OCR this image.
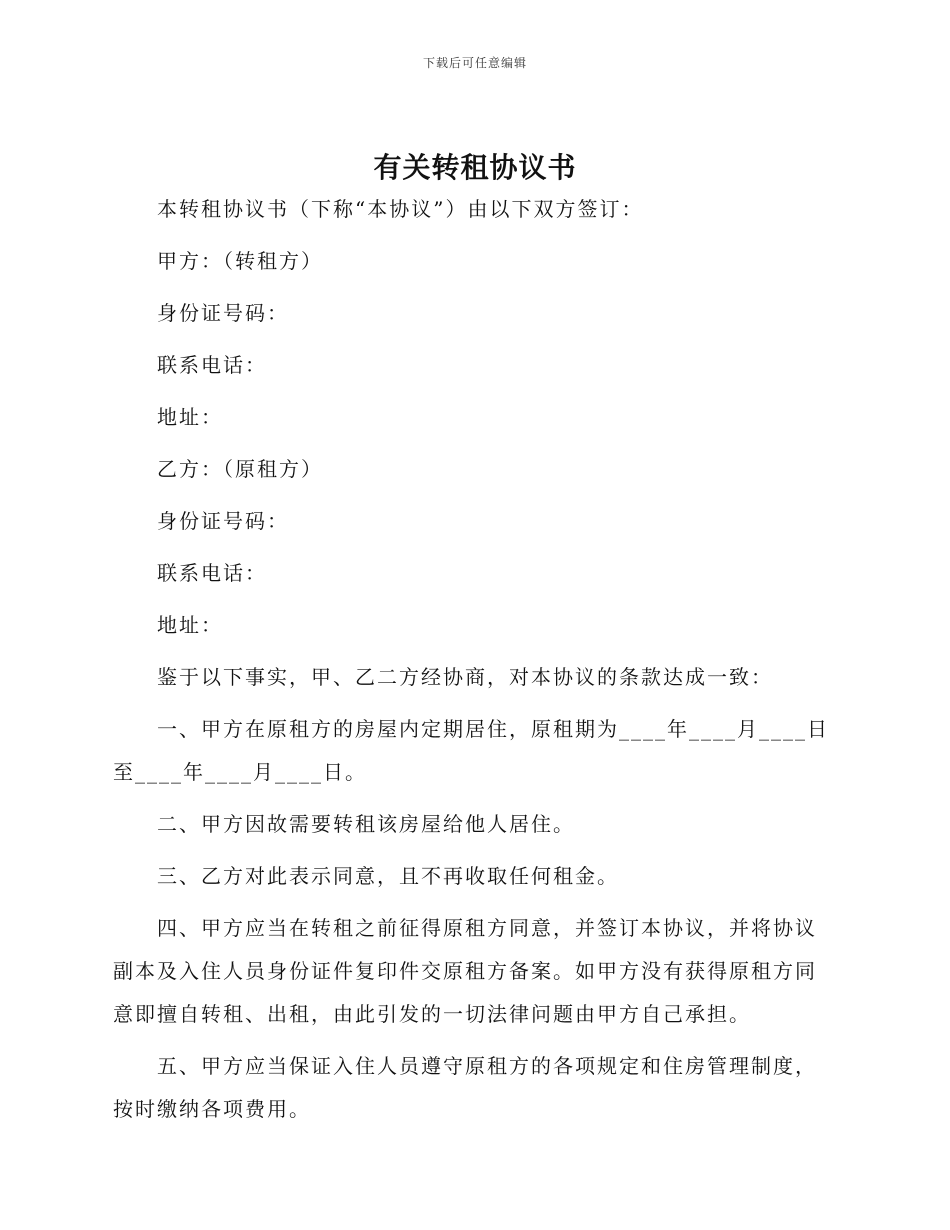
下载后可任意编辑
有关转租协议书

本转租协议书（下称“本协议”）由以下双方签订：

甲方：（转租方）

身份证号码：

联系电话：

地址：

乙方：（原租方）

身份证号码：

联系电话：

地址：

鉴于以下事实，甲、乙二方经协商，对本协议的条款达成一致：

一、甲方在原租方的房屋内定期居住，原租期为____年____月____日至____年____月____日。

二、甲方因故需要转租该房屋给他人居住。

三、乙方对此表示同意，且不再收取任何租金。

四、甲方应当在转租之前征得原租方同意，并签订本协议，并将协议副本及入住人员身份证件复印件交原租方备案。如甲方没有获得原租方同意即擅自转租、出租，由此引发的一切法律问题由甲方自己承担。

五、甲方应当保证入住人员遵守原租方的各项规定和住房管理制度，按时缴纳各项费用。
